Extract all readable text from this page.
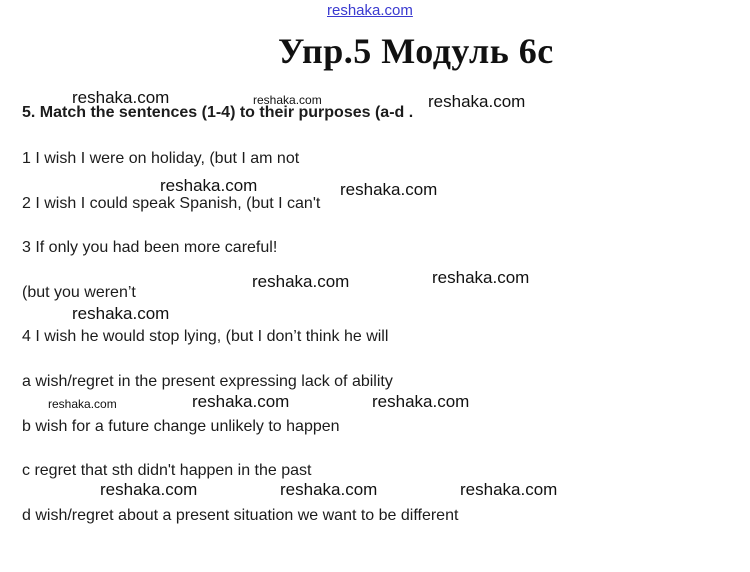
reshaka.com
Упр.5 Модуль 6с
5. Match the sentences (1-4) to their purposes (a-d .
1 I wish I were on holiday, (but I am not
2 I wish I could speak Spanish, (but I can't
3 If only you had been more careful!
(but you weren’t
4 I wish he would stop lying, (but I don’t think he will
a wish/regret in the present expressing lack of ability
b wish for a future change unlikely to happen
c regret that sth didn't happen in the past
d wish/regret about a present situation we want to be different
reshaka.com	reshaka.com	reshaka.com
reshaka.com	reshaka.com
reshaka.com	reshaka.com
reshaka.com
reshaka.com	reshaka.com	reshaka.com
reshaka.com	reshaka.com	reshaka.com
